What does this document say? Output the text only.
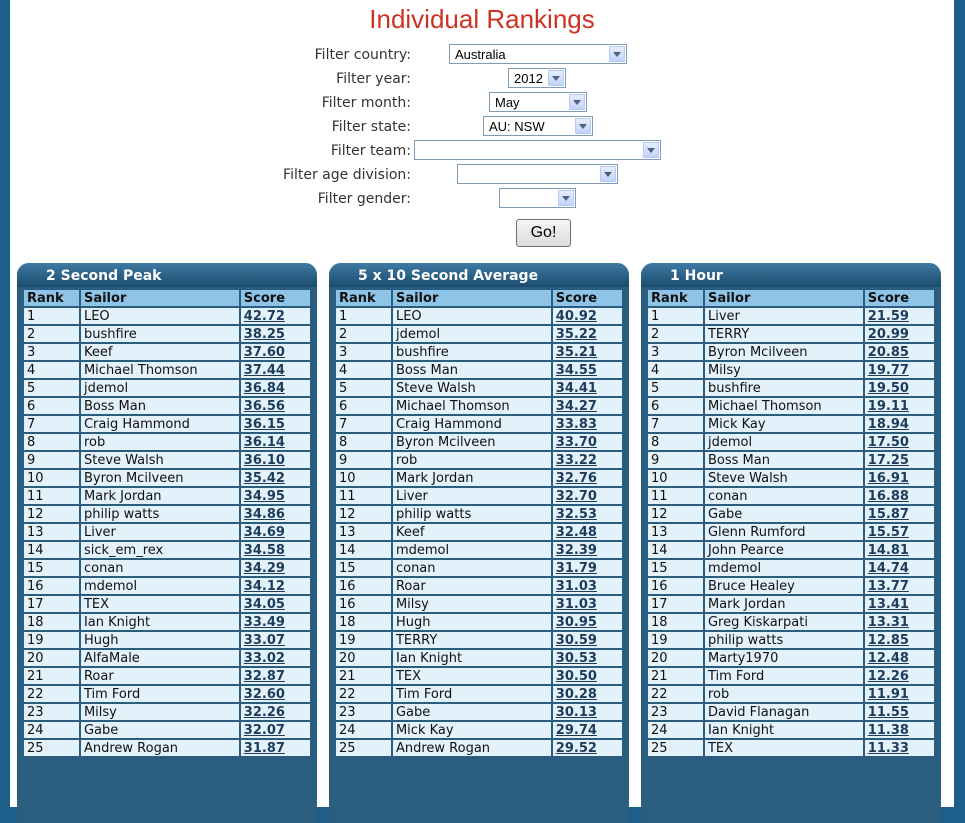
Individual Rankings
Filter country:	Australia
Filter year:	2012
Filter month:	May
Filter state:	AU: NSW
Filter team:
Filter age division:
Filter gender:
Go!
2 Second Peak
Rank	Sailor	Score
1	LEO	42.72
2	bushfire	38.25
3	Keef	37.60
4	Michael Thomson	37.44
5	jdemol	36.84
6	Boss Man	36.56
7	Craig Hammond	36.15
8	rob	36.14
9	Steve Walsh	36.10
10	Byron Mcilveen	35.42
11	Mark Jordan	34.95
12	philip watts	34.86
13	Liver	34.69
14	sick_em_rex	34.58
15	conan	34.29
16	mdemol	34.12
17	TEX	34.05
18	Ian Knight	33.49
19	Hugh	33.07
20	AlfaMale	33.02
21	Roar	32.87
22	Tim Ford	32.60
23	Milsy	32.26
24	Gabe	32.07
25	Andrew Rogan	31.87
5 x 10 Second Average
Rank	Sailor	Score
1	LEO	40.92
2	jdemol	35.22
3	bushfire	35.21
4	Boss Man	34.55
5	Steve Walsh	34.41
6	Michael Thomson	34.27
7	Craig Hammond	33.83
8	Byron Mcilveen	33.70
9	rob	33.22
10	Mark Jordan	32.76
11	Liver	32.70
12	philip watts	32.53
13	Keef	32.48
14	mdemol	32.39
15	conan	31.79
16	Roar	31.03
16	Milsy	31.03
18	Hugh	30.95
19	TERRY	30.59
20	Ian Knight	30.53
21	TEX	30.50
22	Tim Ford	30.28
23	Gabe	30.13
24	Mick Kay	29.74
25	Andrew Rogan	29.52
1 Hour
Rank	Sailor	Score
1	Liver	21.59
2	TERRY	20.99
3	Byron Mcilveen	20.85
4	Milsy	19.77
5	bushfire	19.50
6	Michael Thomson	19.11
7	Mick Kay	18.94
8	jdemol	17.50
9	Boss Man	17.25
10	Steve Walsh	16.91
11	conan	16.88
12	Gabe	15.87
13	Glenn Rumford	15.57
14	John Pearce	14.81
15	mdemol	14.74
16	Bruce Healey	13.77
17	Mark Jordan	13.41
18	Greg Kiskarpati	13.31
19	philip watts	12.85
20	Marty1970	12.48
21	Tim Ford	12.26
22	rob	11.91
23	David Flanagan	11.55
24	Ian Knight	11.38
25	TEX	11.33
